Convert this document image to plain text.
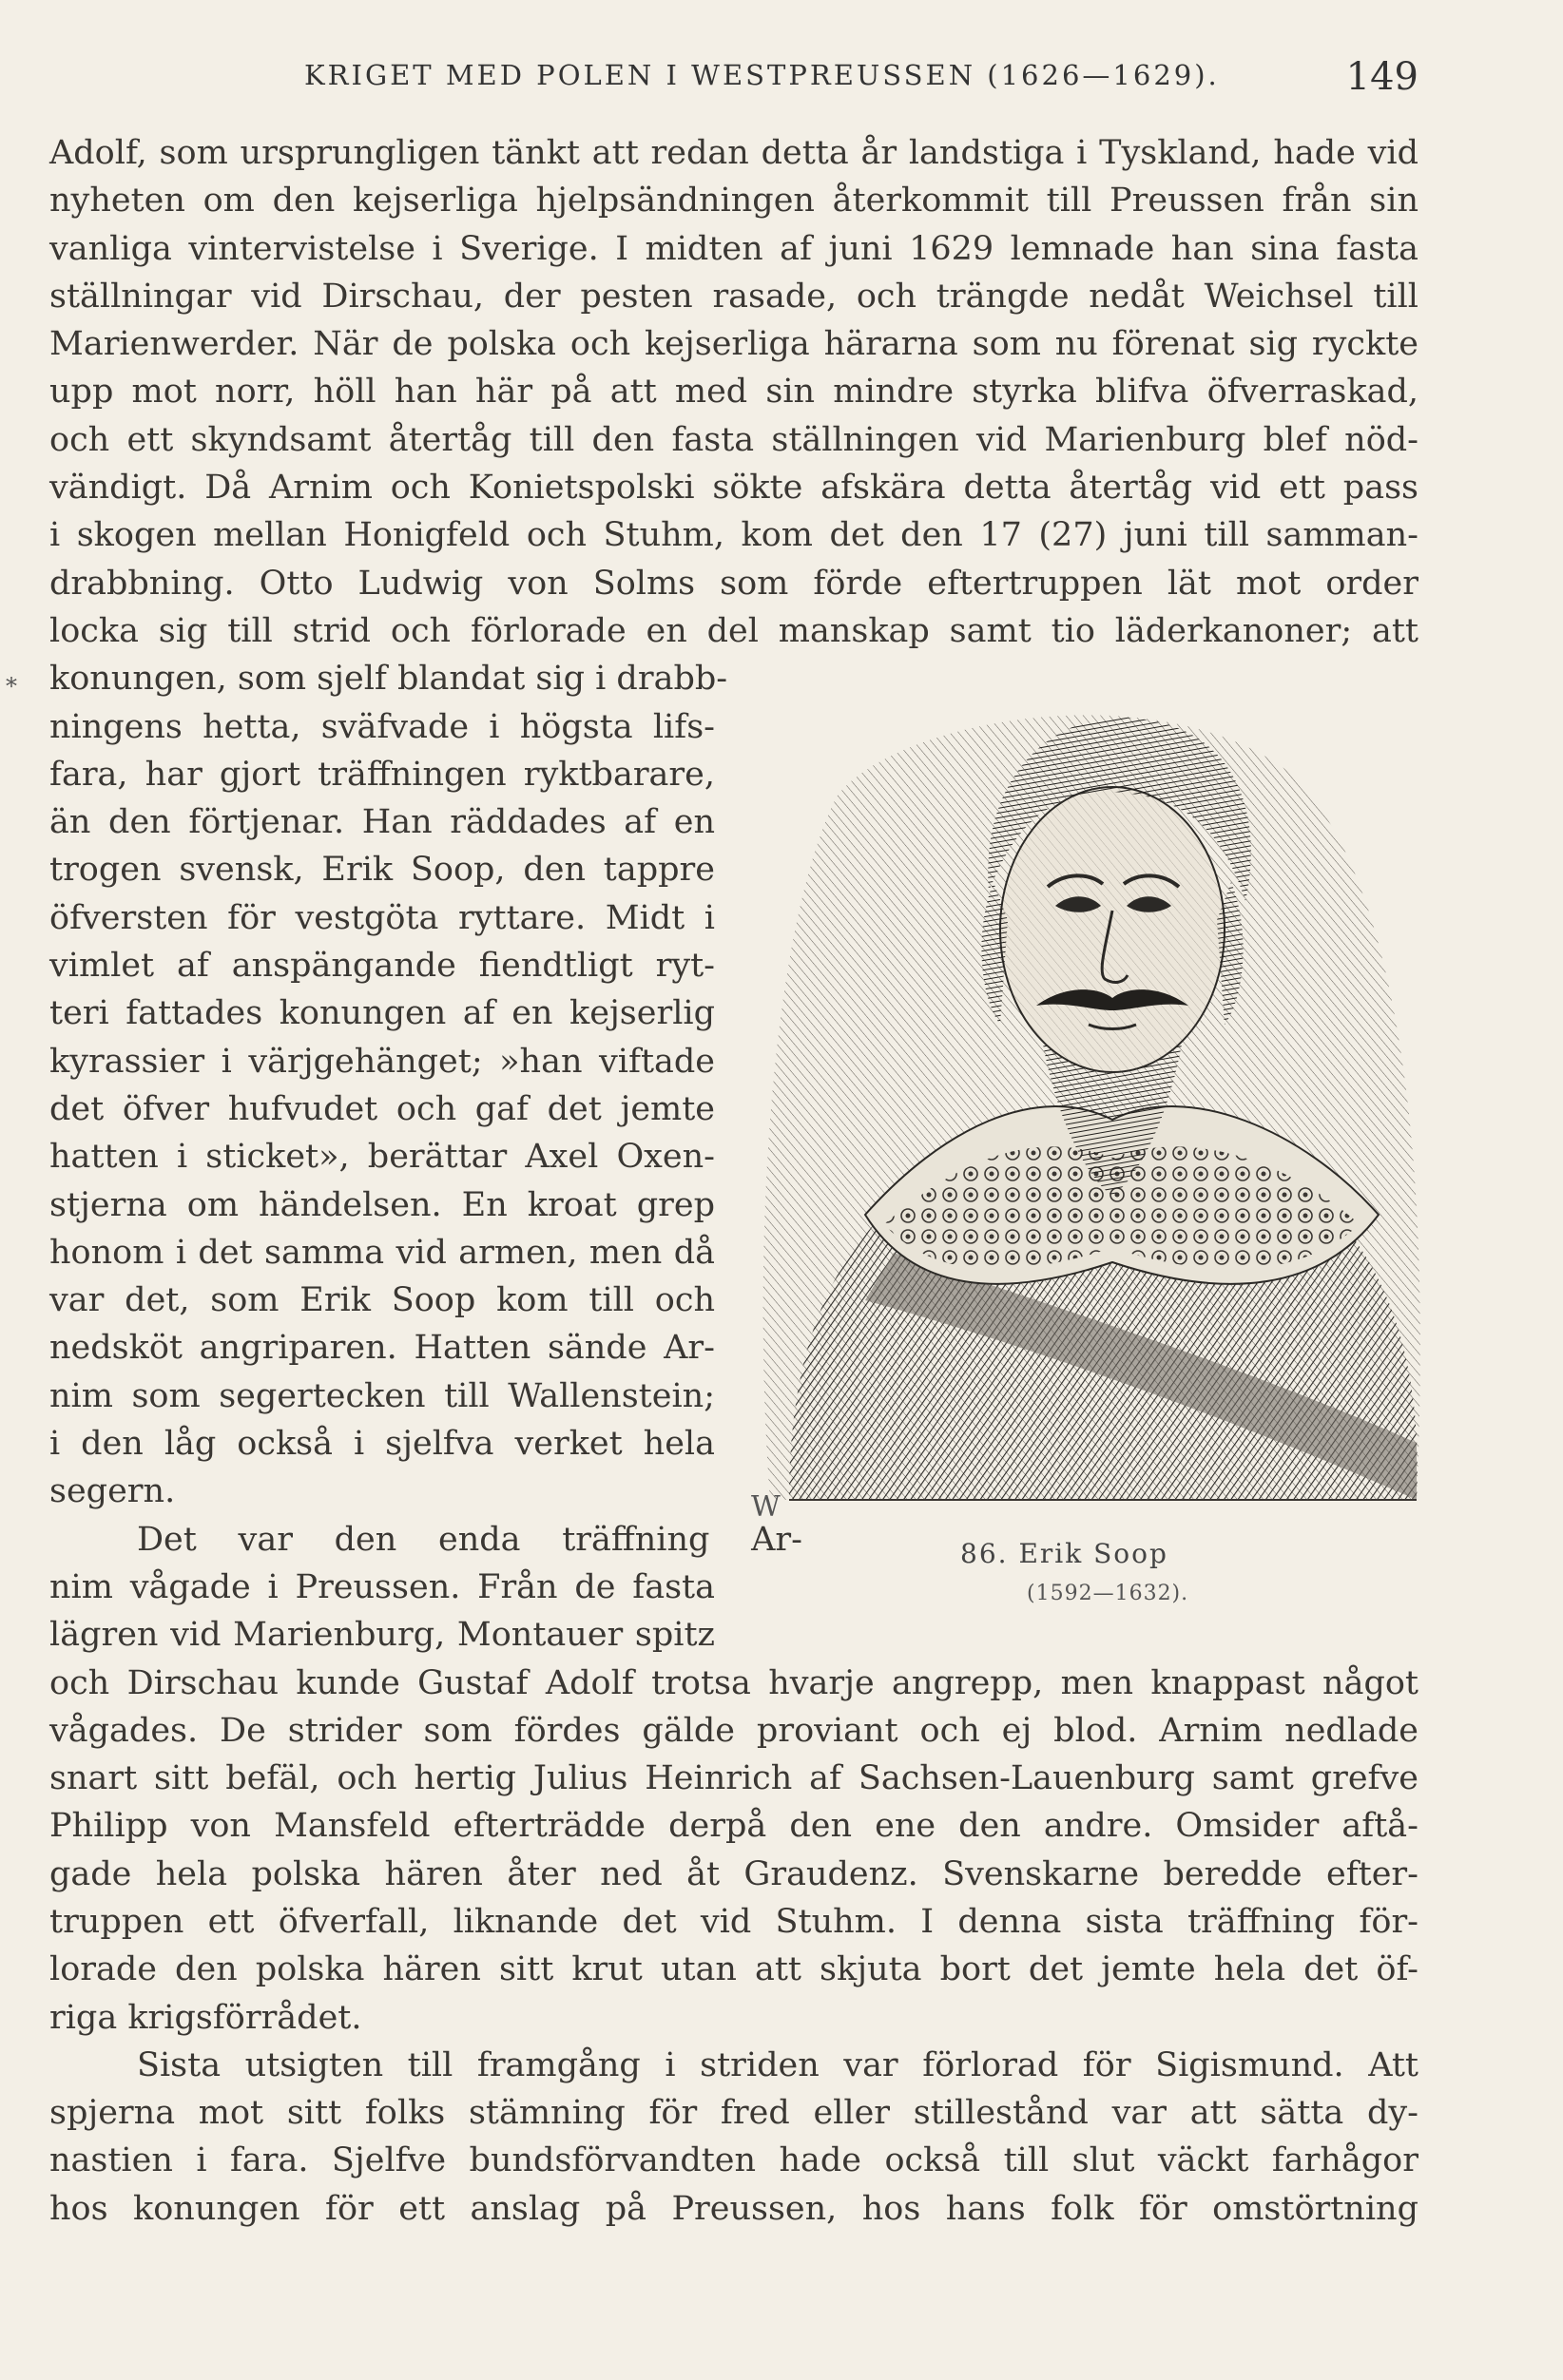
KRIGET MED POLEN I WESTPREUSSEN (1626—1629).	149
*
Adolf, som ursprungligen tänkt att redan detta år landstiga i Tyskland, hade vid
nyheten om den kejserliga hjelpsändningen återkommit till Preussen från sin
vanliga vintervistelse i Sverige. I midten af juni 1629 lemnade han sina fasta
ställningar vid Dirschau, der pesten rasade, och trängde nedåt Weichsel till
Marienwerder. När de polska och kejserliga härarna som nu förenat sig ryckte
upp mot norr, höll han här på att med sin mindre styrka blifva öfverraskad,
och ett skyndsamt återtåg till den fasta ställningen vid Marienburg blef nöd-
vändigt. Då Arnim och Konietspolski sökte afskära detta återtåg vid ett pass
i skogen mellan Honigfeld och Stuhm, kom det den 17 (27) juni till samman-
drabbning. Otto Ludwig von Solms som förde eftertruppen lät mot order
locka sig till strid och förlorade en del manskap samt tio läderkanoner; att
konungen, som sjelf blandat sig i drabb-
ningens hetta, sväfvade i högsta lifs-
fara, har gjort träffningen ryktbarare,
än den förtjenar. Han räddades af en
trogen svensk, Erik Soop, den tappre
öfversten för vestgöta ryttare. Midt i
vimlet af anspängande fiendtligt ryt-
teri fattades konungen af en kejserlig
kyrassier i värjgehänget; »han viftade
det öfver hufvudet och gaf det jemte
hatten i sticket», berättar Axel Oxen-
stjerna om händelsen. En kroat grep
honom i det samma vid armen, men då
var det, som Erik Soop kom till och
nedsköt angriparen. Hatten sände Ar-
nim som segertecken till Wallenstein;
i den låg också i sjelfva verket hela
segern.
Det var den enda träffning Ar-
nim vågade i Preussen. Från de fasta
lägren vid Marienburg, Montauer spitz
och Dirschau kunde Gustaf Adolf trotsa hvarje angrepp, men knappast något
vågades. De strider som fördes gälde proviant och ej blod. Arnim nedlade
snart sitt befäl, och hertig Julius Heinrich af Sachsen-Lauenburg samt grefve
Philipp von Mansfeld efterträdde derpå den ene den andre. Omsider aftå-
gade hela polska hären åter ned åt Graudenz. Svenskarne beredde efter-
truppen ett öfverfall, liknande det vid Stuhm. I denna sista träffning för-
lorade den polska hären sitt krut utan att skjuta bort det jemte hela det öf-
riga krigsförrådet.
Sista utsigten till framgång i striden var förlorad för Sigismund. Att
spjerna mot sitt folks stämning för fred eller stillestånd var att sätta dy-
nastien i fara. Sjelfve bundsförvandten hade också till slut väckt farhågor
hos konungen för ett anslag på Preussen, hos hans folk för omstörtning
W
86. Erik Soop
(1592—1632).
